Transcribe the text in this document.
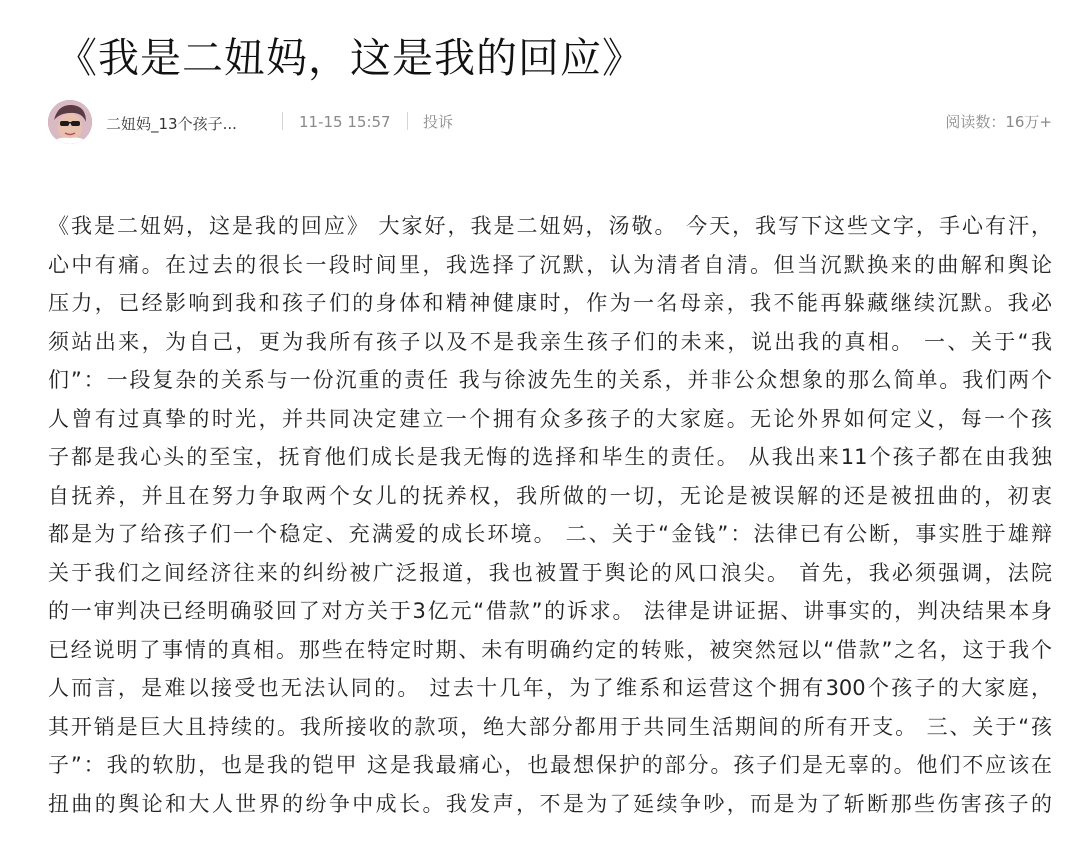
《我是二妞妈，这是我的回应》
二妞妈_13个孩子...	11-15 15:57 投诉	阅读数：16万+
《我是二妞妈，这是我的回应》 大家好，我是二妞妈，汤敬。 今天，我写下这些文字，手心有汗，
心中有痛。在过去的很长一段时间里，我选择了沉默，认为清者自清。但当沉默换来的曲解和舆论
压力，已经影响到我和孩子们的身体和精神健康时，作为一名母亲，我不能再躲藏继续沉默。我必
须站出来，为自己，更为我所有孩子以及不是我亲生孩子们的未来，说出我的真相。 一、关于“我
们”：一段复杂的关系与一份沉重的责任 我与徐波先生的关系，并非公众想象的那么简单。我们两个
人曾有过真挚的时光，并共同决定建立一个拥有众多孩子的大家庭。无论外界如何定义，每一个孩
子都是我心头的至宝，抚育他们成长是我无悔的选择和毕生的责任。 从我出来11个孩子都在由我独
自抚养，并且在努力争取两个女儿的抚养权，我所做的一切，无论是被误解的还是被扭曲的，初衷
都是为了给孩子们一个稳定、充满爱的成长环境。 二、关于“金钱”：法律已有公断，事实胜于雄辩
关于我们之间经济往来的纠纷被广泛报道，我也被置于舆论的风口浪尖。 首先，我必须强调，法院
的一审判决已经明确驳回了对方关于3亿元“借款”的诉求。 法律是讲证据、讲事实的，判决结果本身
已经说明了事情的真相。那些在特定时期、未有明确约定的转账，被突然冠以“借款”之名，这于我个
人而言，是难以接受也无法认同的。 过去十几年，为了维系和运营这个拥有300个孩子的大家庭，
其开销是巨大且持续的。我所接收的款项，绝大部分都用于共同生活期间的所有开支。 三、关于“孩
子”：我的软肋，也是我的铠甲 这是我最痛心，也最想保护的部分。孩子们是无辜的。他们不应该在
扭曲的舆论和大人世界的纷争中成长。我发声，不是为了延续争吵，而是为了斩断那些伤害孩子的
